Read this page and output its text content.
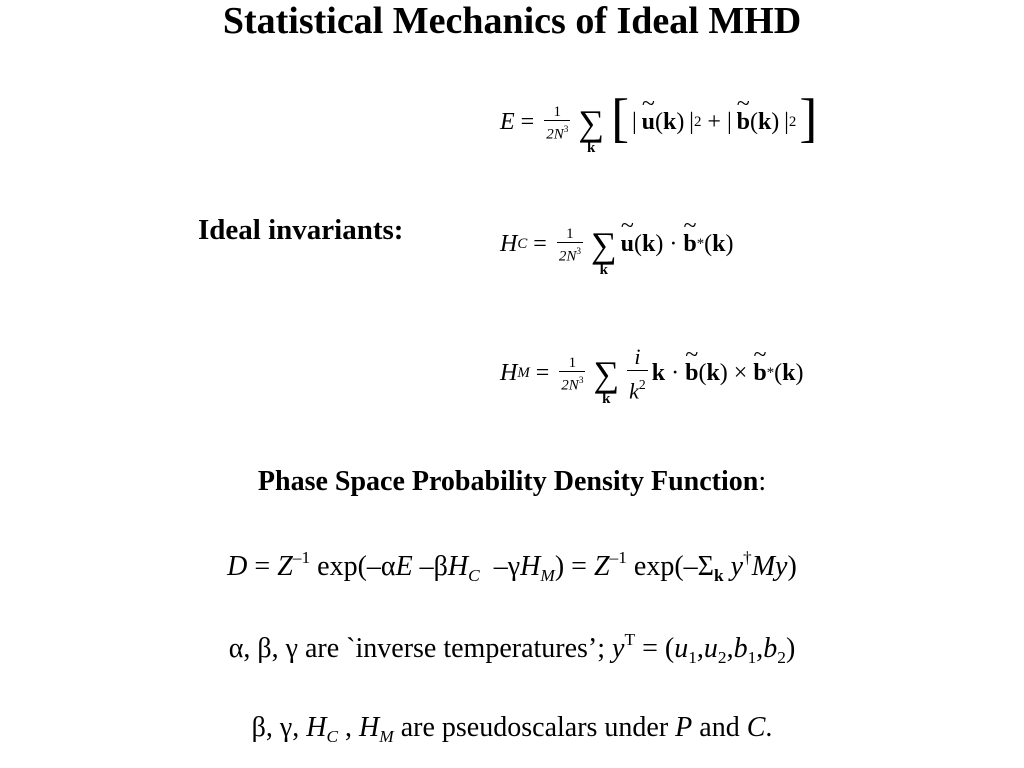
Statistical Mechanics of Ideal MHD
$E = \frac{1}{2N^3}$ ∑
k [ |  ~ u ( k ) | 2 + |  ~ b ( k ) | 2 ]
Ideal invariants:	H $C = \frac{1}{2N^3}$ ∑
k
~ u ( k ) · ~ b * ( k )
H $M = \frac{1}{2N^3}$ ∑
k $\frac{i}{k^2}$ k · ~ b ( k ) × ~ b * ( k )
Phase Space Probability Density Function:
$D = Z^{-1}$ exp(–αE $-\beta H_C$  $-\gamma H_M) = Z^{-1}$ $\exp(-\Sigma_k$ y†My)
α, β, γ are `inverse temperatures’; $y^T = (u_1,u_2,b_1,b_2)$
β, γ, $H_C$ , $H_M$ are pseudoscalars under P and C.
